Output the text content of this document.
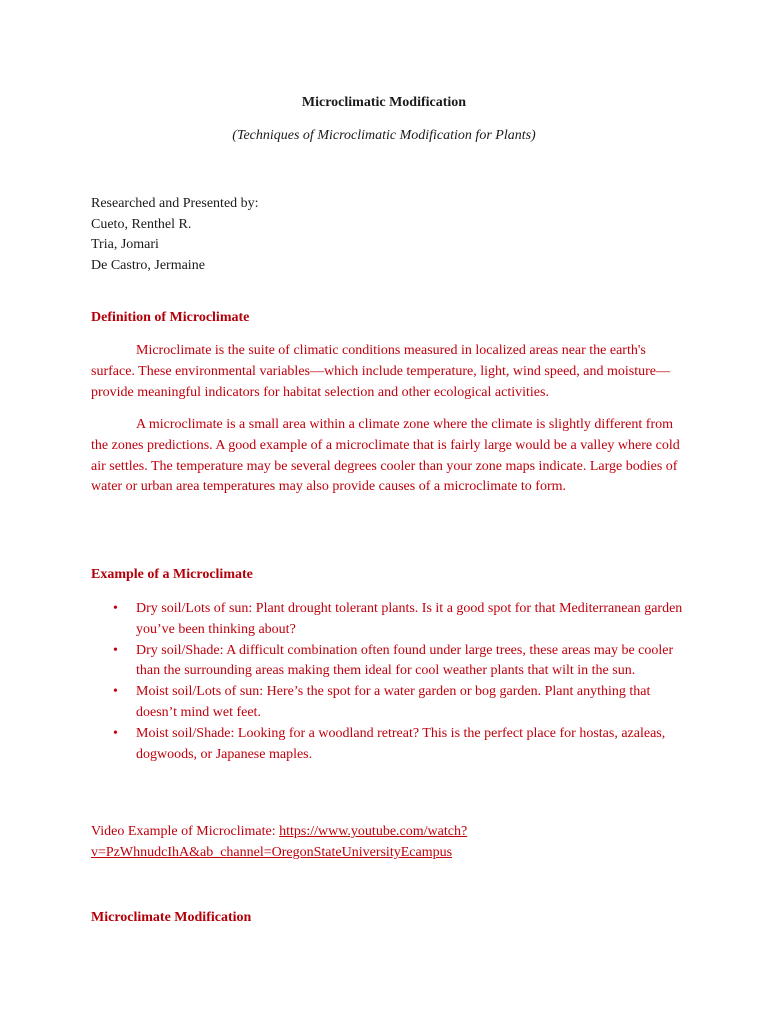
Microclimatic Modification
(Techniques of Microclimatic Modification for Plants)
Researched and Presented by:
Cueto, Renthel R.
Tria, Jomari
De Castro, Jermaine
Definition of Microclimate

Microclimate is the suite of climatic conditions measured in localized areas near the earth's surface. These environmental variables—which include temperature, light, wind speed, and moisture—provide meaningful indicators for habitat selection and other ecological activities.

A microclimate is a small area within a climate zone where the climate is slightly different from the zones predictions. A good example of a microclimate that is fairly large would be a valley where cold air settles. The temperature may be several degrees cooler than your zone maps indicate. Large bodies of water or urban area temperatures may also provide causes of a microclimate to form.

Example of a Microclimate
• Dry soil/Lots of sun: Plant drought tolerant plants. Is it a good spot for that Mediterranean garden you’ve been thinking about?
• Dry soil/Shade: A difficult combination often found under large trees, these areas may be cooler than the surrounding areas making them ideal for cool weather plants that wilt in the sun.
• Moist soil/Lots of sun: Here’s the spot for a water garden or bog garden. Plant anything that doesn’t mind wet feet.
• Moist soil/Shade: Looking for a woodland retreat? This is the perfect place for hostas, azaleas, dogwoods, or Japanese maples.
Video Example of Microclimate: https://www.youtube.com/watch?v=PzWhnudcIhA&ab_channel=OregonStateUniversityEcampus
Microclimate Modification
